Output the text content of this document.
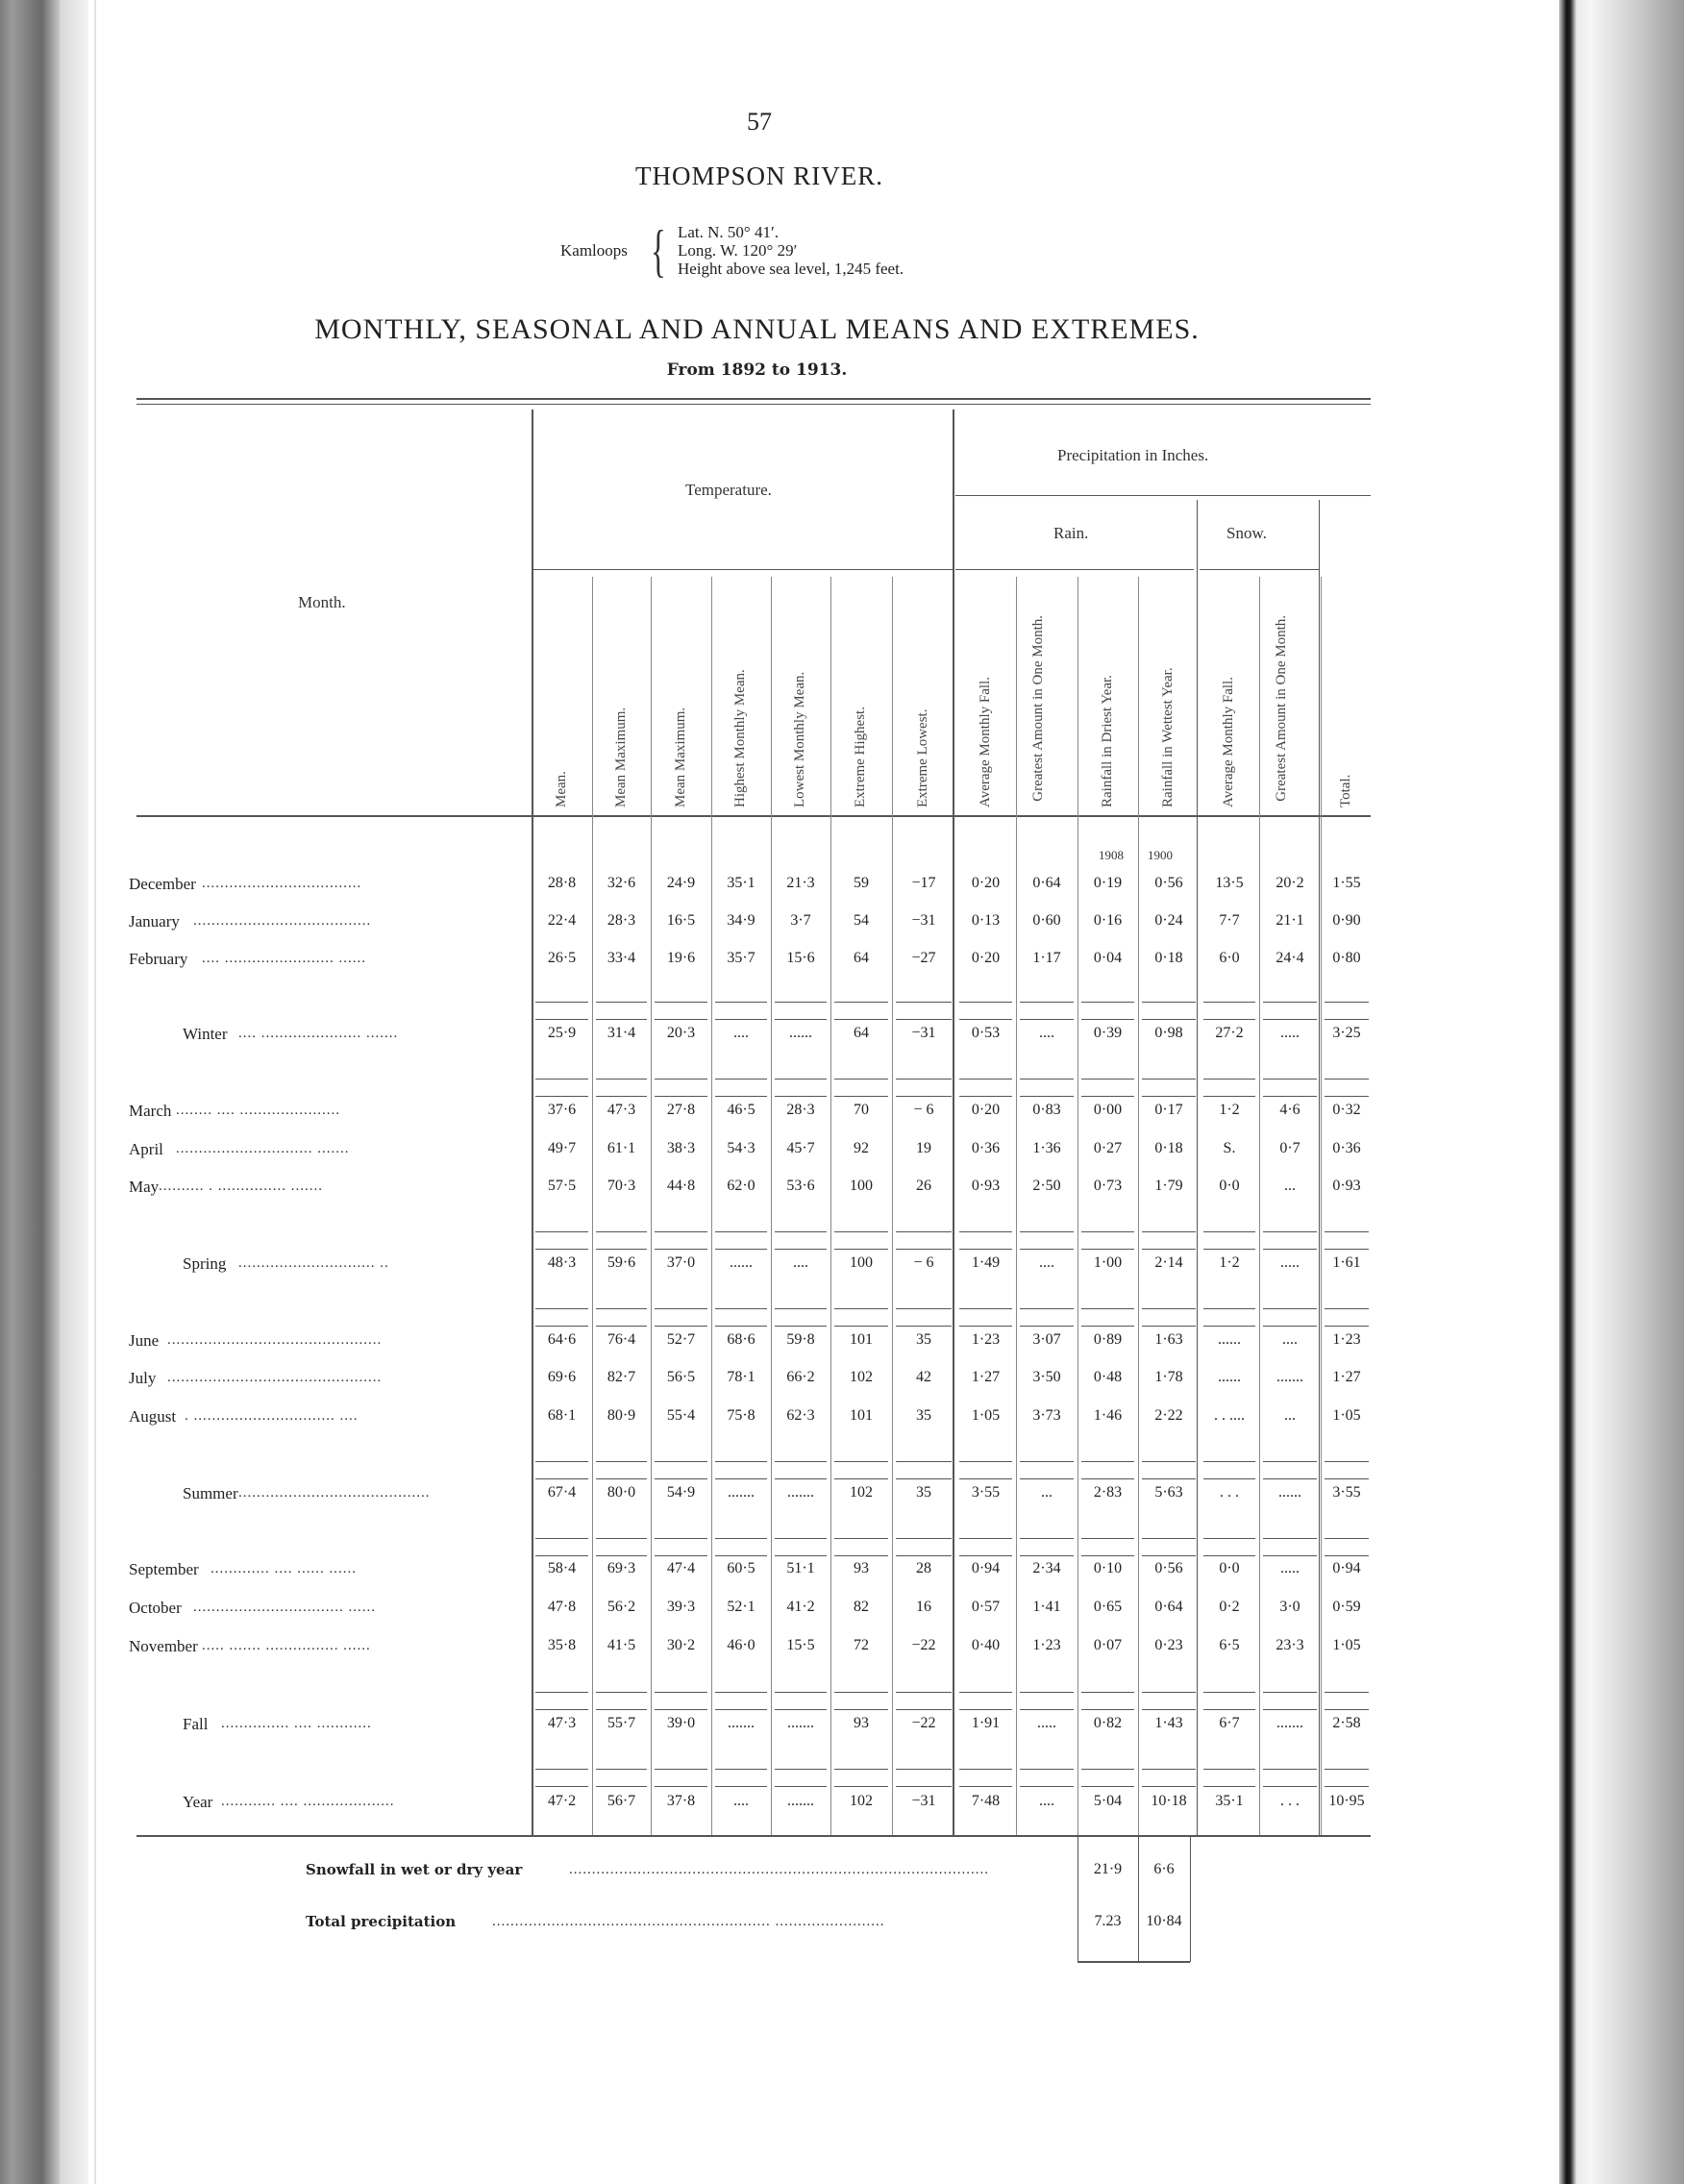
57
THOMPSON RIVER.
Kamloops { Lat. N. 50° 41′.
Long. W. 120° 29′
Height above sea level, 1,245 feet.
MONTHLY, SEASONAL AND ANNUAL MEANS AND EXTREMES.
From 1892 to 1913.
Month.
Temperature.
Precipitation in Inches.
Rain.	Snow.
1908 1900
Mean.	Mean Maximum.	Mean Maximum.	Highest Monthly Mean.	Lowest Monthly Mean.	Extreme Highest.	Extreme Lowest.	Average Monthly Fall.	Greatest Amount in One Month.	Rainfall in Driest Year.	Rainfall in Wettest Year.	Average Monthly Fall.	Greatest Amount in One Month.	Total.
December ...................................	28·8	32·6	24·9	35·1	21·3	59	−17	0·20	0·64	0·19	0·56	13·5	20·2	1·55
January .......................................	22·4	28·3	16·5	34·9	3·7	54	−31	0·13	0·60	0·16	0·24	7·7	21·1	0·90
February .... ........................ ......	26·5	33·4	19·6	35·7	15·6	64	−27	0·20	1·17	0·04	0·18	6·0	24·4	0·80
Winter .... ...................... .......	25·9	31·4	20·3	....	......	64	−31	0·53	....	0·39	0·98	27·2	.....	3·25
March ........ .... ......................	37·6	47·3	27·8	46·5	28·3	70	− 6	0·20	0·83	0·00	0·17	1·2	4·6	0·32
April .............................. .......	49·7	61·1	38·3	54·3	45·7	92	19	0·36	1·36	0·27	0·18	S.	0·7	0·36
May .......... . ............... .......	57·5	70·3	44·8	62·0	53·6	100	26	0·93	2·50	0·73	1·79	0·0	...	0·93
Spring .............................. ..	48·3	59·6	37·0	......	....	100	− 6	1·49	....	1·00	2·14	1·2	.....	1·61
June ...............................................	64·6	76·4	52·7	68·6	59·8	101	35	1·23	3·07	0·89	1·63	......	....	1·23
July ...............................................	69·6	82·7	56·5	78·1	66·2	102	42	1·27	3·50	0·48	1·78	......	.......	1·27
August . ............................... ....	68·1	80·9	55·4	75·8	62·3	101	35	1·05	3·73	1·46	2·22	. . ....	...	1·05
Summer ..........................................	67·4	80·0	54·9	.......	.......	102	35	3·55	...	2·83	5·63	. . .	......	3·55
September ............. .... ...... ......	58·4	69·3	47·4	60·5	51·1	93	28	0·94	2·34	0·10	0·56	0·0	.....	0·94
October ................................. ......	47·8	56·2	39·3	52·1	41·2	82	16	0·57	1·41	0·65	0·64	0·2	3·0	0·59
November ..... ....... ................ ......	35·8	41·5	30·2	46·0	15·5	72	−22	0·40	1·23	0·07	0·23	6·5	23·3	1·05
Fall ............... .... ............	47·3	55·7	39·0	.......	.......	93	−22	1·91	.....	0·82	1·43	6·7	.......	2·58
Year ............ .... ....................	47·2	56·7	37·8	....	.......	102	−31	7·48	....	5·04	10·18	35·1	. . .	10·95
Snowfall in wet or dry year	............................................................................................	21·9	6·6
Total precipitation	............................................................. ........................	7.23	10·84
